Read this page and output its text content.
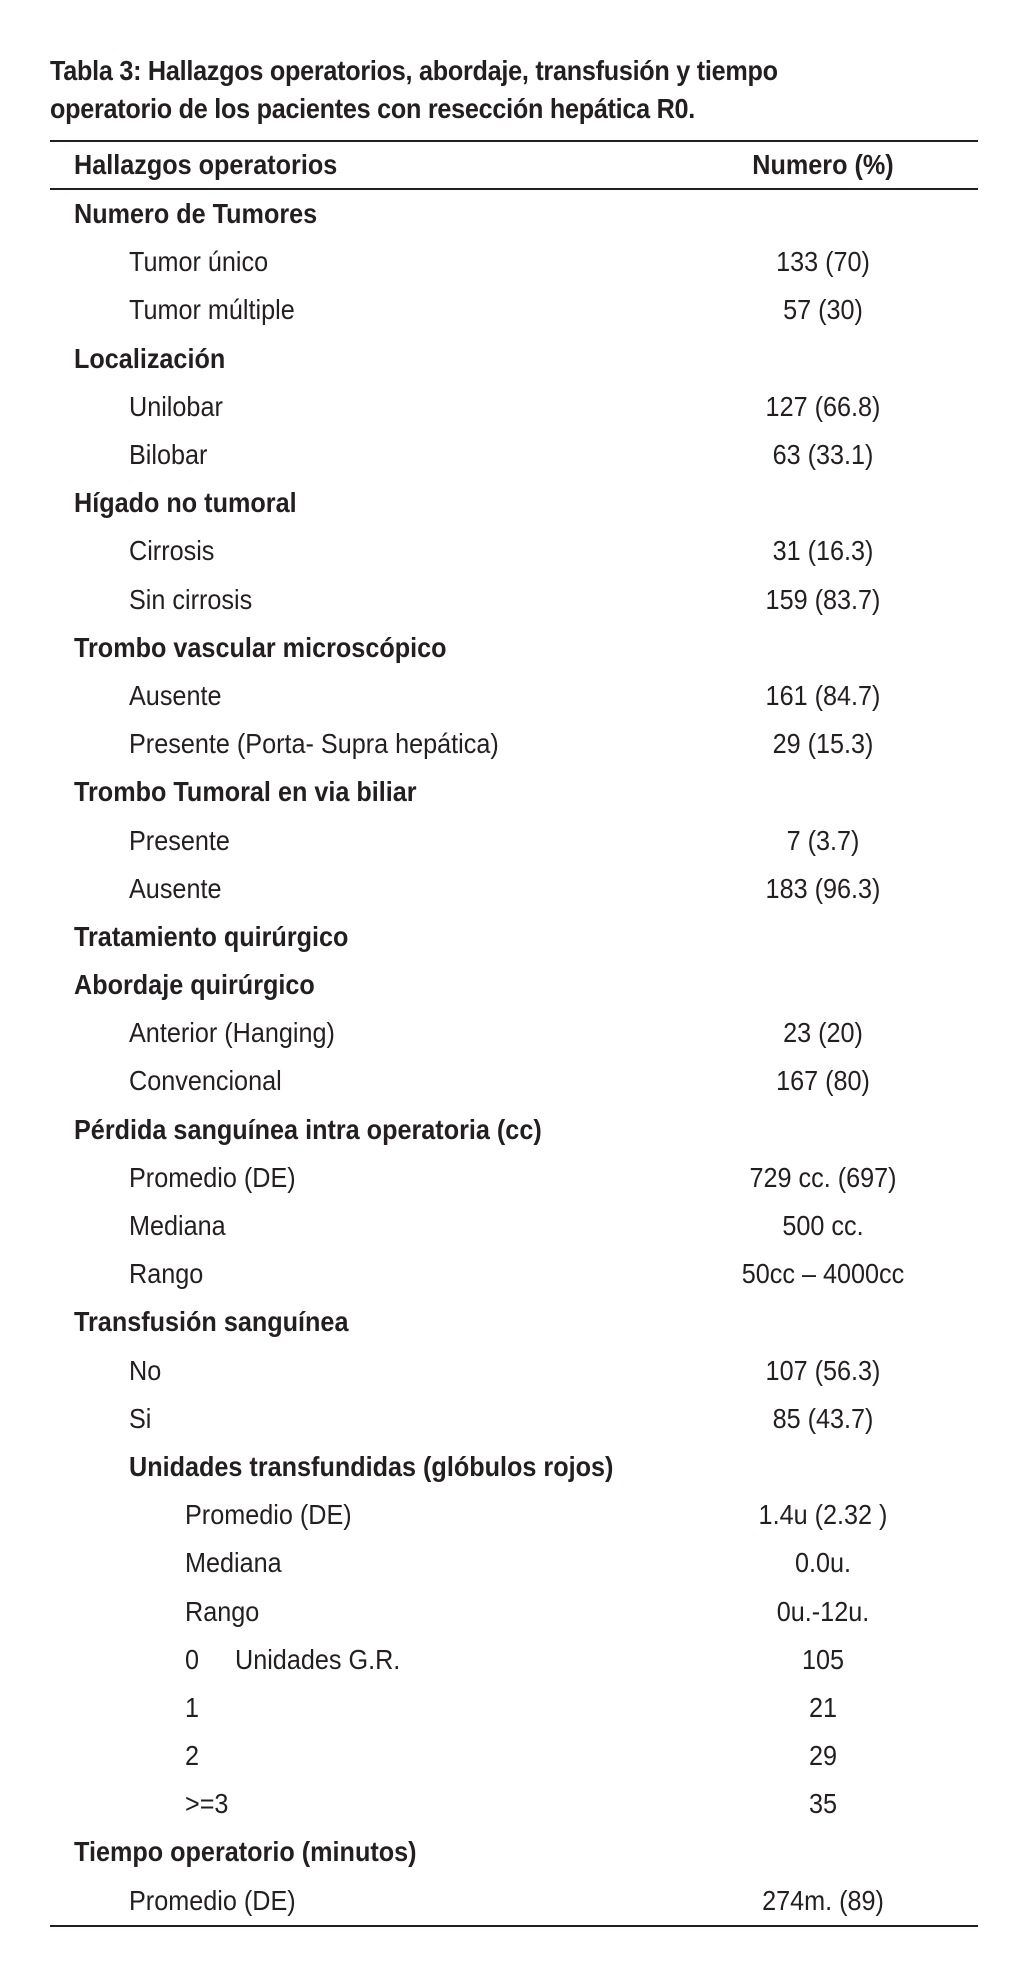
Tabla 3: Hallazgos operatorios, abordaje, transfusión y tiempo
operatorio de los pacientes con resección hepática R0.
Hallazgos operatorios	Numero (%)
Numero de Tumores
Tumor único	133 (70)
Tumor múltiple	57 (30)
Localización
Unilobar	127 (66.8)
Bilobar	63 (33.1)
Hígado no tumoral
Cirrosis	31 (16.3)
Sin cirrosis	159 (83.7)
Trombo vascular microscópico
Ausente	161 (84.7)
Presente (Porta- Supra hepática)	29 (15.3)
Trombo Tumoral en via biliar
Presente	7 (3.7)
Ausente	183 (96.3)
Tratamiento quirúrgico
Abordaje quirúrgico
Anterior (Hanging)	23 (20)
Convencional	167 (80)
Pérdida sanguínea intra operatoria (cc)
Promedio (DE)	729 cc. (697)
Mediana	500 cc.
Rango	50cc – 4000cc
Transfusión sanguínea
No	107 (56.3)
Si	85 (43.7)
Unidades transfundidas (glóbulos rojos)
Promedio (DE)	1.4u (2.32 )
Mediana	0.0u.
Rango	0u.-12u.
0 Unidades G.R.	105
1	21
2	29
>=3	35
Tiempo operatorio (minutos)
Promedio (DE)	274m. (89)
